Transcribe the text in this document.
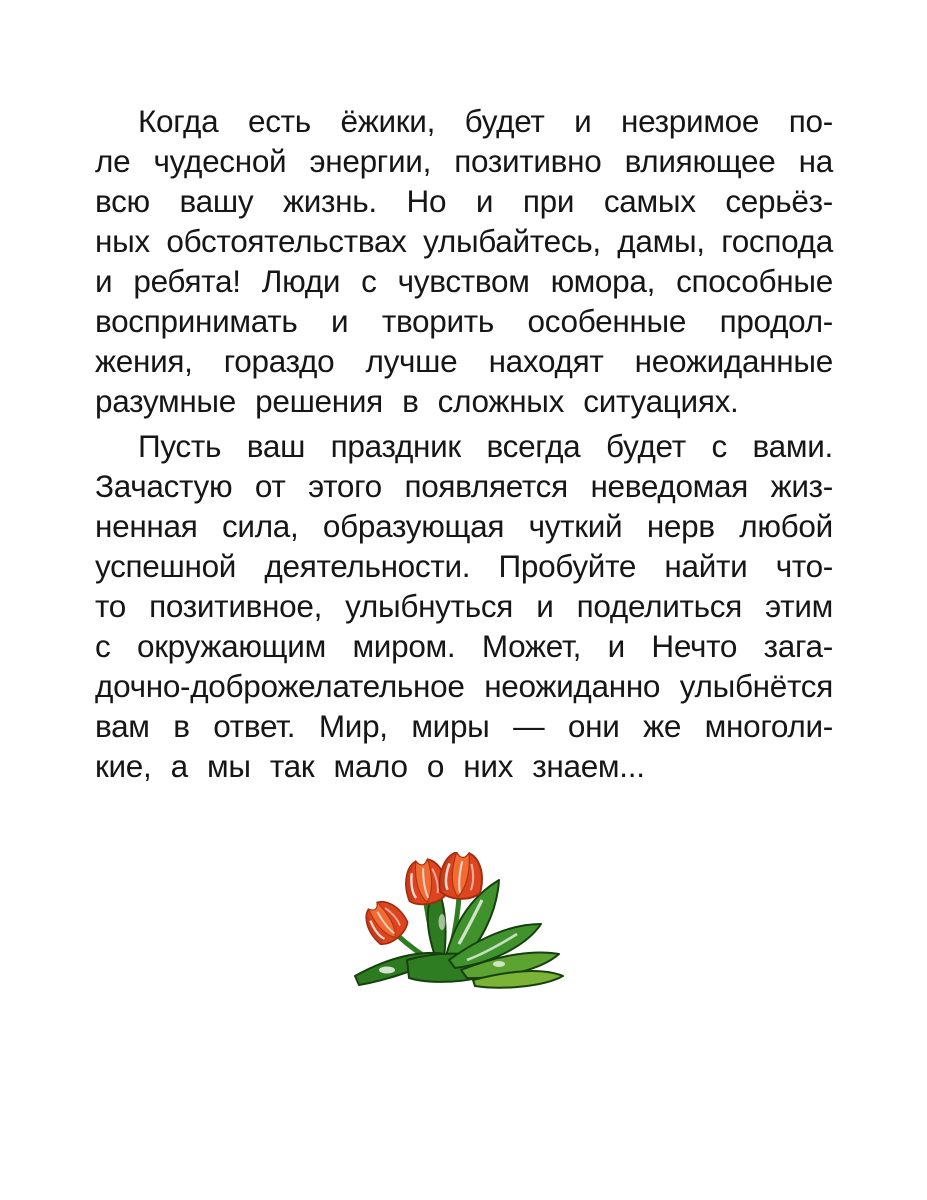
Когда есть ёжики, будет и незримое по-
ле чудесной энергии, позитивно влияющее на
всю вашу жизнь. Но и при самых серьёз-
ных обстоятельствах улыбайтесь, дамы, господа
и ребята! Люди с чувством юмора, способные
воспринимать и творить особенные продол-
жения, гораздо лучше находят неожиданные
разумные решения в сложных ситуациях.
Пусть ваш праздник всегда будет с вами.
Зачастую от этого появляется неведомая жиз-
ненная сила, образующая чуткий нерв любой
успешной деятельности. Пробуйте найти что-
то позитивное, улыбнуться и поделиться этим
с окружающим миром. Может, и Нечто зага-
дочно-доброжелательное неожиданно улыбнётся
вам в ответ. Мир, миры — они же многоли-
кие, а мы так мало о них знаем...
